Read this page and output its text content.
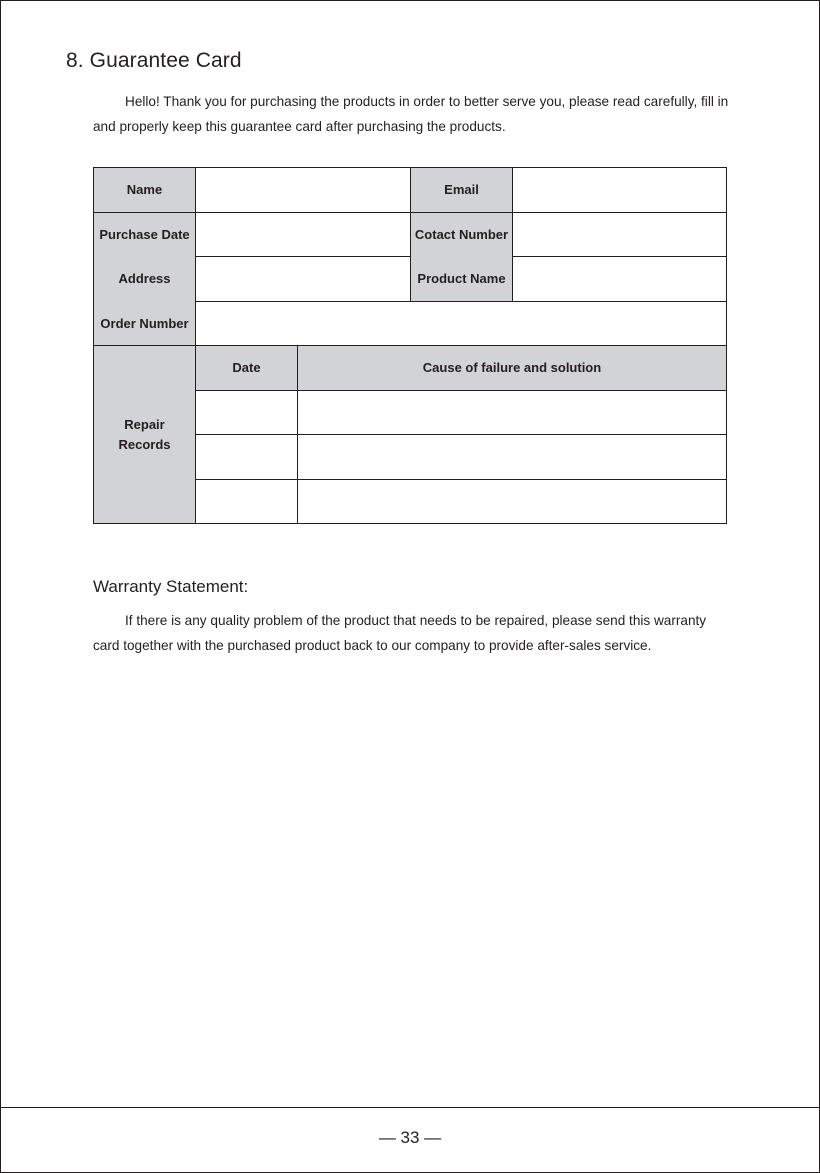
8. Guarantee Card

Hello! Thank you for purchasing the products in order to better serve you, please read carefully, fill in and properly keep this guarantee card after purchasing the products.

Name			Email	
Purchase Date			Cotact Number	
Address			Product Name	
Order Number				

Repair
Records	Date	Cause of failure and solution		

Warranty Statement:

If there is any quality problem of the product that needs to be repaired, please send this warranty card together with the purchased product back to our company to provide after-sales service.

— 33 —
